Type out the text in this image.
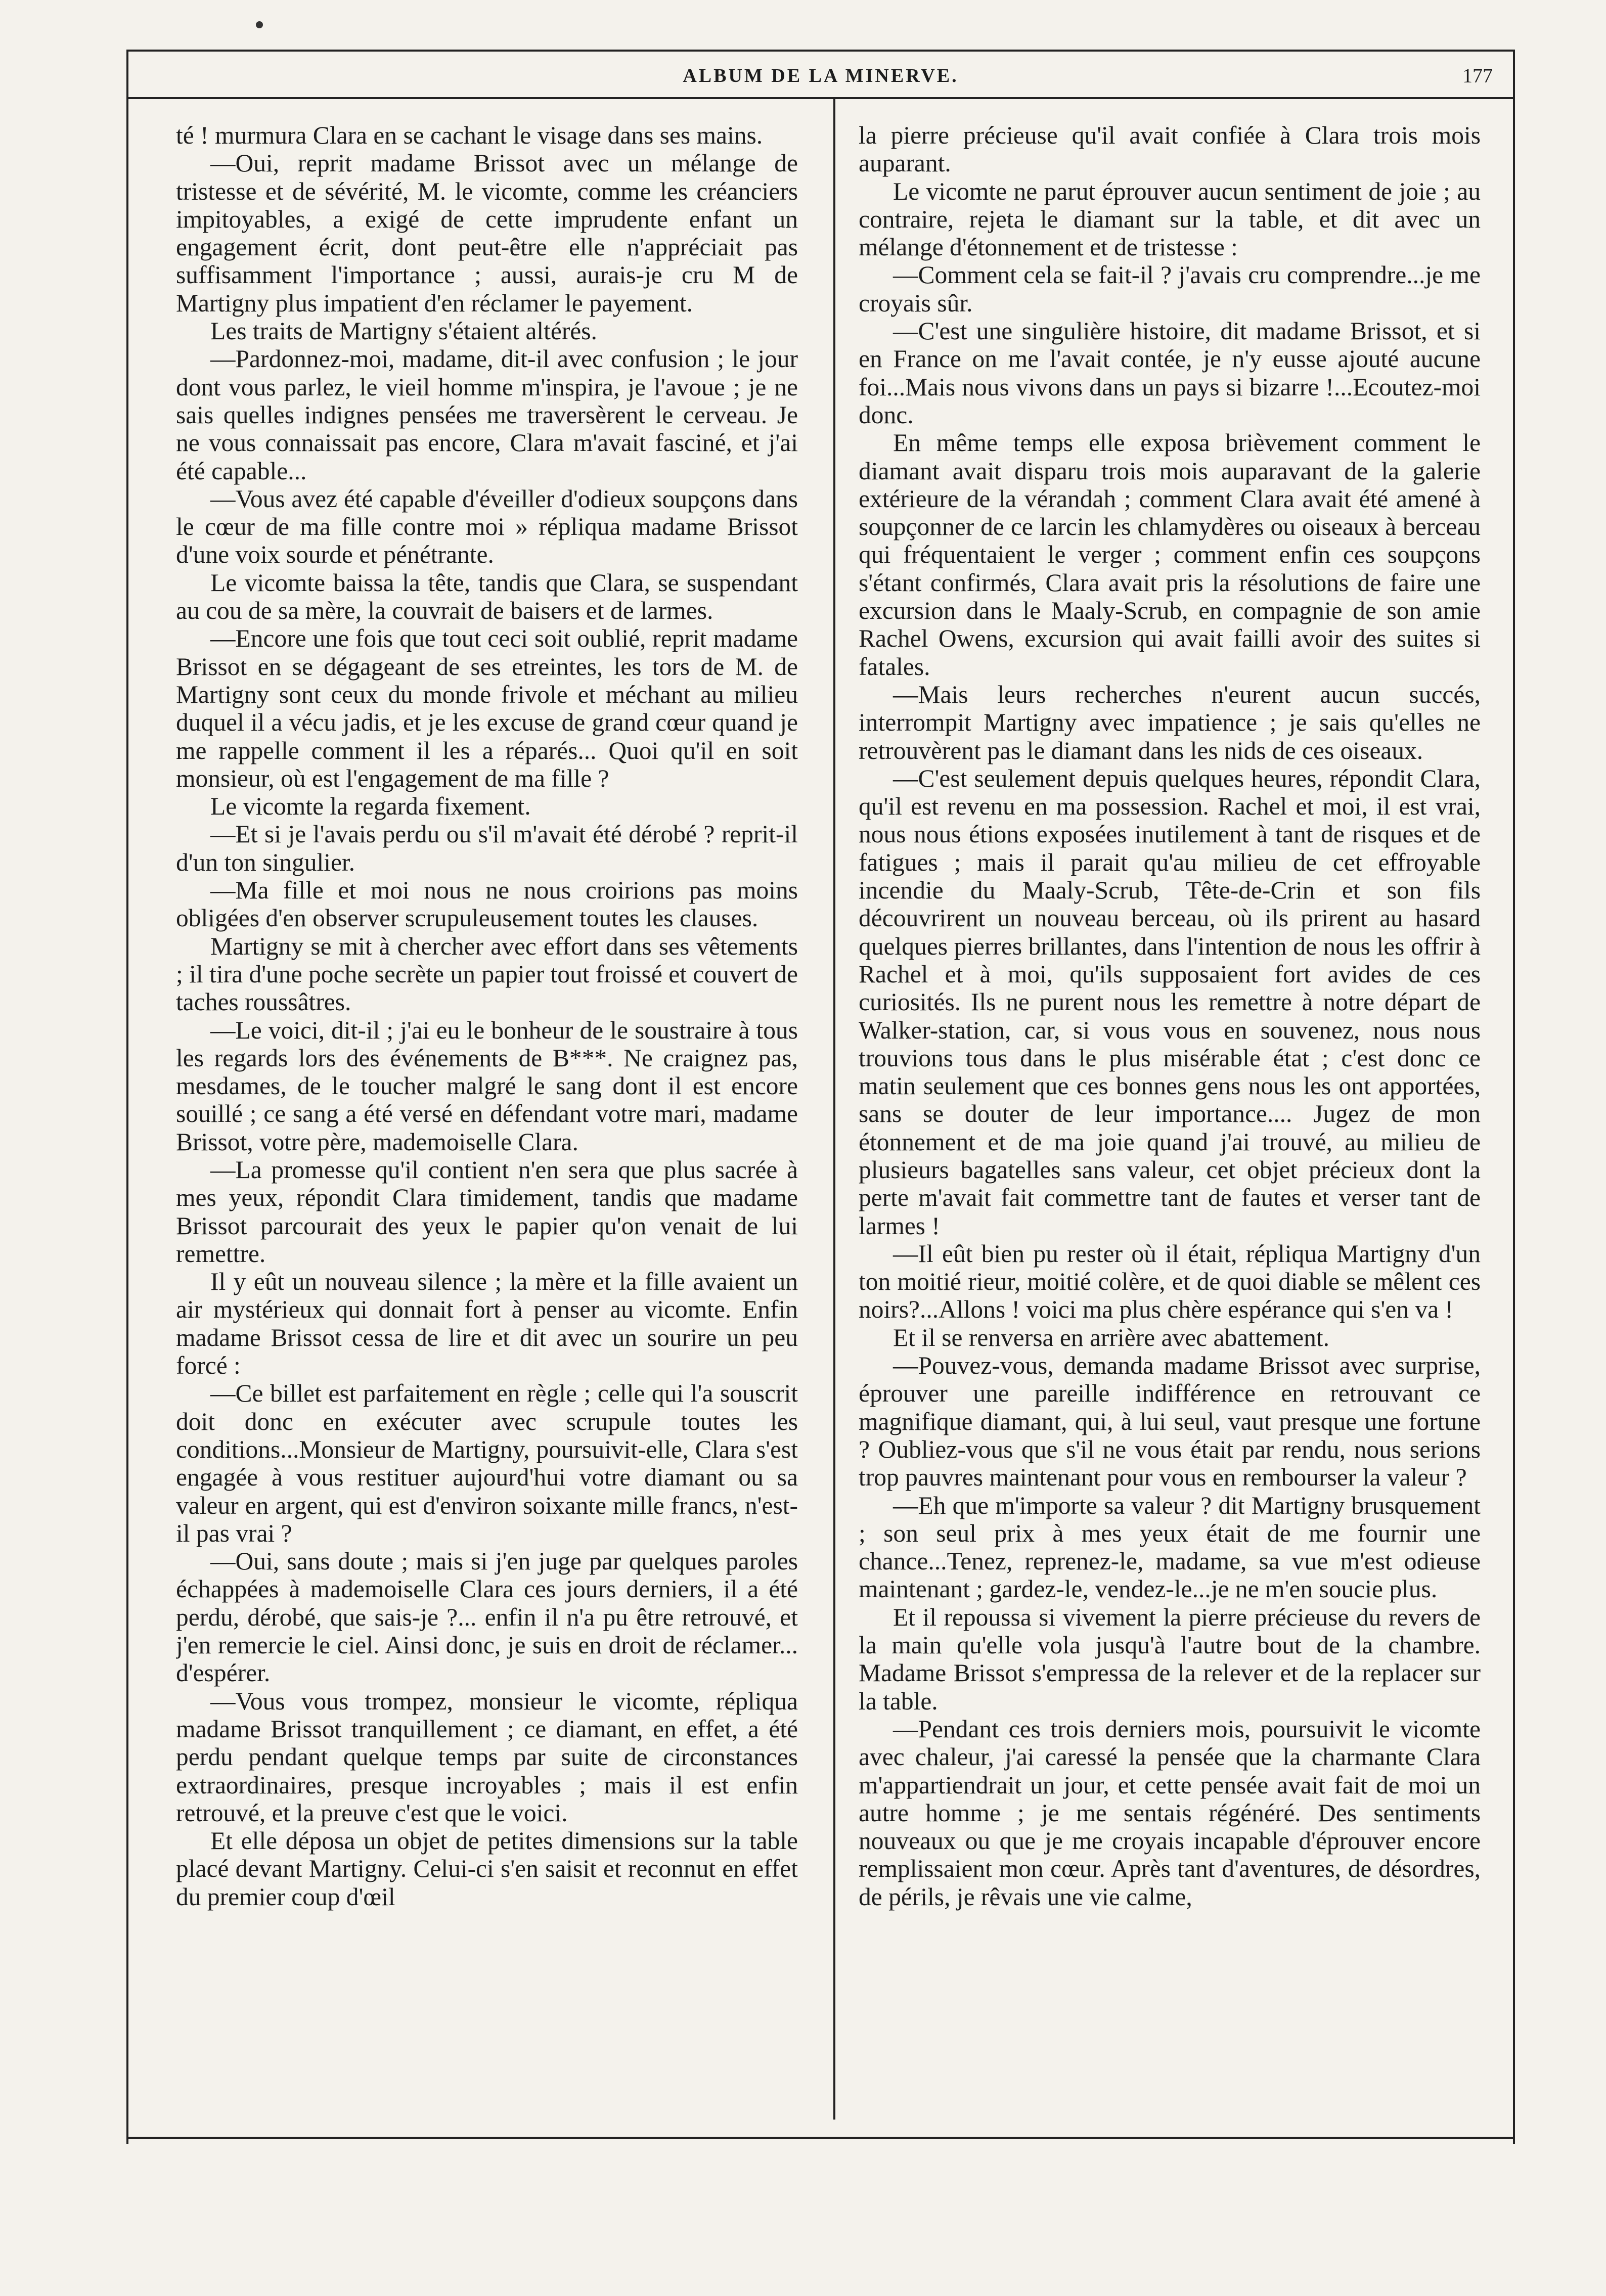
ALBUM DE LA MINERVE.	177

té ! murmura Clara en se cachant le visage dans ses mains.

—Oui, reprit madame Brissot avec un mélange de tristesse et de sévérité, M. le vicomte, comme les créanciers impitoyables, a exigé de cette imprudente enfant un engagement écrit, dont peut-être elle n'appréciait pas suffisamment l'importance ; aussi, aurais-je cru M de Martigny plus impatient d'en réclamer le payement.

Les traits de Martigny s'étaient altérés.

—Pardonnez-moi, madame, dit-il avec confusion ; le jour dont vous parlez, le vieil homme m'inspira, je l'avoue ; je ne sais quelles indignes pensées me traversèrent le cerveau. Je ne vous connaissait pas encore, Clara m'avait fasciné, et j'ai été capable...

—Vous avez été capable d'éveiller d'odieux soupçons dans le cœur de ma fille contre moi » répliqua madame Brissot d'une voix sourde et pénétrante.

Le vicomte baissa la tête, tandis que Clara, se suspendant au cou de sa mère, la couvrait de baisers et de larmes.

—Encore une fois que tout ceci soit oublié, reprit madame Brissot en se dégageant de ses etreintes, les tors de M. de Martigny sont ceux du monde frivole et méchant au milieu duquel il a vécu jadis, et je les excuse de grand cœur quand je me rappelle comment il les a réparés... Quoi qu'il en soit monsieur, où est l'engagement de ma fille ?

Le vicomte la regarda fixement.

—Et si je l'avais perdu ou s'il m'avait été dérobé ? reprit-il d'un ton singulier.

—Ma fille et moi nous ne nous croirions pas moins obligées d'en observer scrupuleusement toutes les clauses.

Martigny se mit à chercher avec effort dans ses vêtements ; il tira d'une poche secrète un papier tout froissé et couvert de taches roussâtres.

—Le voici, dit-il ; j'ai eu le bonheur de le soustraire à tous les regards lors des événements de B***. Ne craignez pas, mesdames, de le toucher malgré le sang dont il est encore souillé ; ce sang a été versé en défendant votre mari, madame Brissot, votre père, mademoiselle Clara.

—La promesse qu'il contient n'en sera que plus sacrée à mes yeux, répondit Clara timidement, tandis que madame Brissot parcourait des yeux le papier qu'on venait de lui remettre.

Il y eût un nouveau silence ; la mère et la fille avaient un air mystérieux qui donnait fort à penser au vicomte. Enfin madame Brissot cessa de lire et dit avec un sourire un peu forcé :

—Ce billet est parfaitement en règle ; celle qui l'a souscrit doit donc en exécuter avec scrupule toutes les conditions...Monsieur de Martigny, poursuivit-elle, Clara s'est engagée à vous restituer aujourd'hui votre diamant ou sa valeur en argent, qui est d'environ soixante mille francs, n'est-il pas vrai ?

—Oui, sans doute ; mais si j'en juge par quelques paroles échappées à mademoiselle Clara ces jours derniers, il a été perdu, dérobé, que sais-je ?... enfin il n'a pu être retrouvé, et j'en remercie le ciel. Ainsi donc, je suis en droit de réclamer... d'espérer.

—Vous vous trompez, monsieur le vicomte, répliqua madame Brissot tranquillement ; ce diamant, en effet, a été perdu pendant quelque temps par suite de circonstances extraordinaires, presque incroyables ; mais il est enfin retrouvé, et la preuve c'est que le voici.

Et elle déposa un objet de petites dimensions sur la table placé devant Martigny. Celui-ci s'en saisit et reconnut en effet du premier coup d'œil

la pierre précieuse qu'il avait confiée à Clara trois mois auparant.

Le vicomte ne parut éprouver aucun sentiment de joie ; au contraire, rejeta le diamant sur la table, et dit avec un mélange d'étonnement et de tristesse :

—Comment cela se fait-il ? j'avais cru comprendre...je me croyais sûr.

—C'est une singulière histoire, dit madame Brissot, et si en France on me l'avait contée, je n'y eusse ajouté aucune foi...Mais nous vivons dans un pays si bizarre !...Ecoutez-moi donc.

En même temps elle exposa brièvement comment le diamant avait disparu trois mois auparavant de la galerie extérieure de la vérandah ; comment Clara avait été amené à soupçonner de ce larcin les chlamydères ou oiseaux à berceau qui fréquentaient le verger ; comment enfin ces soupçons s'étant confirmés, Clara avait pris la résolutions de faire une excursion dans le Maaly-Scrub, en compagnie de son amie Rachel Owens, excursion qui avait failli avoir des suites si fatales.

—Mais leurs recherches n'eurent aucun succés, interrompit Martigny avec impatience ; je sais qu'elles ne retrouvèrent pas le diamant dans les nids de ces oiseaux.

—C'est seulement depuis quelques heures, répondit Clara, qu'il est revenu en ma possession. Rachel et moi, il est vrai, nous nous étions exposées inutilement à tant de risques et de fatigues ; mais il parait qu'au milieu de cet effroyable incendie du Maaly-Scrub, Tête-de-Crin et son fils découvrirent un nouveau berceau, où ils prirent au hasard quelques pierres brillantes, dans l'intention de nous les offrir à Rachel et à moi, qu'ils supposaient fort avides de ces curiosités. Ils ne purent nous les remettre à notre départ de Walker-station, car, si vous vous en souvenez, nous nous trouvions tous dans le plus misérable état ; c'est donc ce matin seulement que ces bonnes gens nous les ont apportées, sans se douter de leur importance.... Jugez de mon étonnement et de ma joie quand j'ai trouvé, au milieu de plusieurs bagatelles sans valeur, cet objet précieux dont la perte m'avait fait commettre tant de fautes et verser tant de larmes !

—Il eût bien pu rester où il était, répliqua Martigny d'un ton moitié rieur, moitié colère, et de quoi diable se mêlent ces noirs?...Allons ! voici ma plus chère espérance qui s'en va !

Et il se renversa en arrière avec abattement.

—Pouvez-vous, demanda madame Brissot avec surprise, éprouver une pareille indifférence en retrouvant ce magnifique diamant, qui, à lui seul, vaut presque une fortune ? Oubliez-vous que s'il ne vous était par rendu, nous serions trop pauvres maintenant pour vous en rembourser la valeur ?

—Eh que m'importe sa valeur ? dit Martigny brusquement ; son seul prix à mes yeux était de me fournir une chance...Tenez, reprenez-le, madame, sa vue m'est odieuse maintenant ; gardez-le, vendez-le...je ne m'en soucie plus.

Et il repoussa si vivement la pierre précieuse du revers de la main qu'elle vola jusqu'à l'autre bout de la chambre. Madame Brissot s'empressa de la relever et de la replacer sur la table.

—Pendant ces trois derniers mois, poursuivit le vicomte avec chaleur, j'ai caressé la pensée que la charmante Clara m'appartiendrait un jour, et cette pensée avait fait de moi un autre homme ; je me sentais régénéré. Des sentiments nouveaux ou que je me croyais incapable d'éprouver encore remplissaient mon cœur. Après tant d'aventures, de désordres, de périls, je rêvais une vie calme,
